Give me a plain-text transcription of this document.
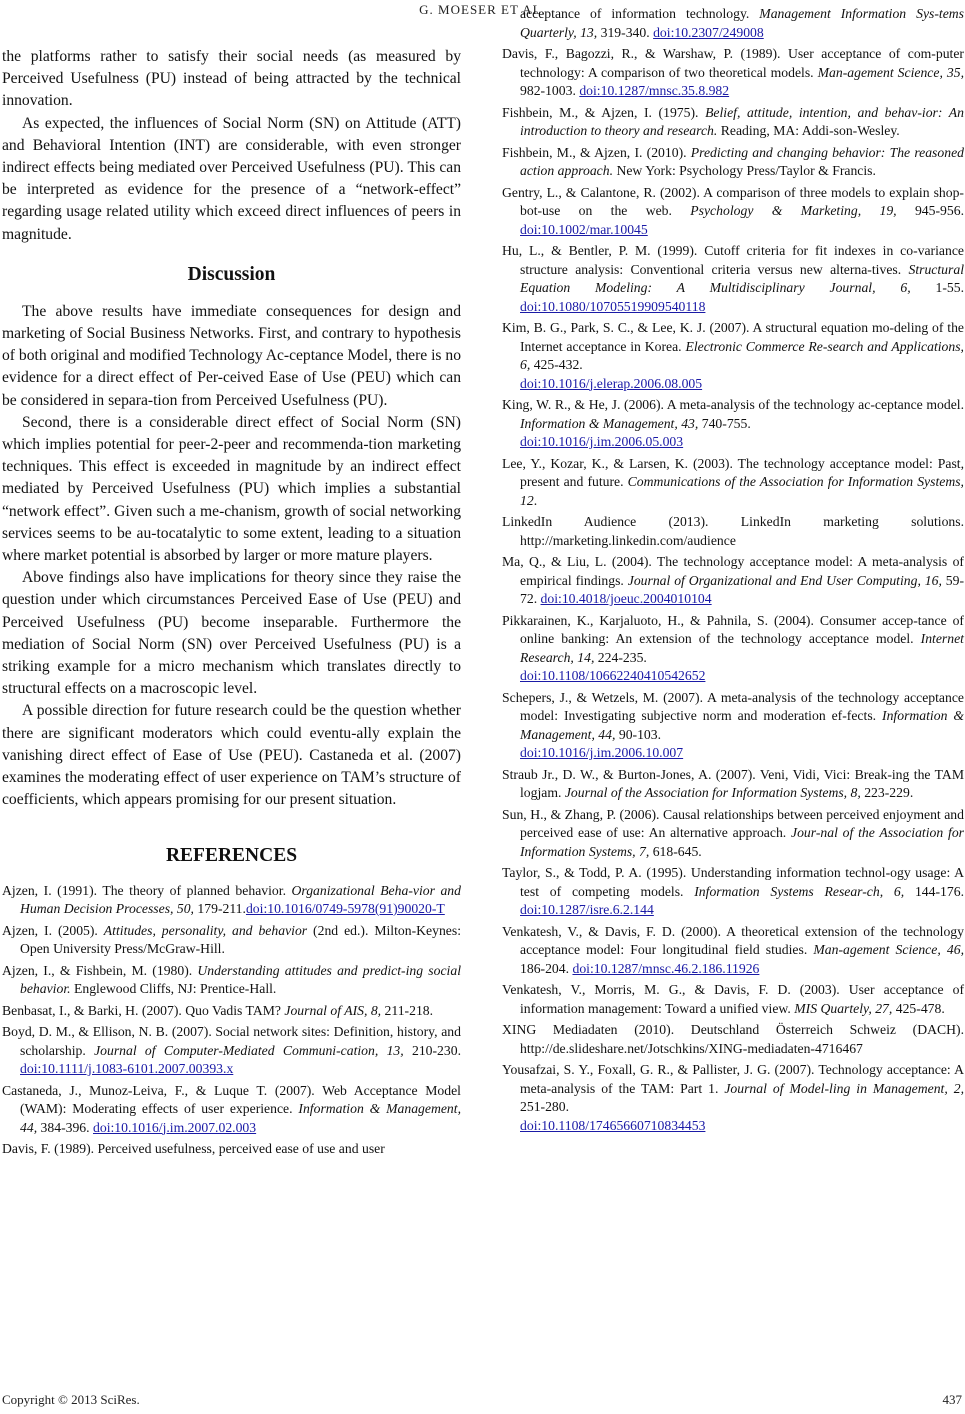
G. MOESER ET AL.

the platforms rather to satisfy their social needs (as measured by Perceived Usefulness (PU) instead of being attracted by the technical innovation.

As expected, the influences of Social Norm (SN) on Attitude (ATT) and Behavioral Intention (INT) are considerable, with even stronger indirect effects being mediated over Perceived Usefulness (PU). This can be interpreted as evidence for the presence of a “network-effect” regarding usage related utility which exceed direct influences of peers in magnitude.

Discussion

The above results have immediate consequences for design and marketing of Social Business Networks. First, and contrary to hypothesis of both original and modified Technology Ac-ceptance Model, there is no evidence for a direct effect of Per-ceived Ease of Use (PEU) which can be considered in separa-tion from Perceived Usefulness (PU).

Second, there is a considerable direct effect of Social Norm (SN) which implies potential for peer-2-peer and recommenda-tion marketing techniques. This effect is exceeded in magnitude by an indirect effect mediated by Perceived Usefulness (PU) which implies a substantial “network effect”. Given such a me-chanism, growth of social networking services seems to be au-tocatalytic to some extent, leading to a situation where market potential is absorbed by larger or more mature players.

Above findings also have implications for theory since they raise the question under which circumstances Perceived Ease of Use (PEU) and Perceived Usefulness (PU) become inseparable. Furthermore the mediation of Social Norm (SN) over Perceived Usefulness (PU) is a striking example for a micro mechanism which translates directly to structural effects on a macroscopic level.

A possible direction for future research could be the question whether there are significant moderators which could eventu-ally explain the vanishing direct effect of Ease of Use (PEU). Castaneda et al. (2007) examines the moderating effect of user experience on TAM’s structure of coefficients, which appears promising for our present situation.

REFERENCES

Ajzen, I. (1991). The theory of planned behavior. Organizational Beha-vior and Human Decision Processes, 50, 179-211.doi:10.1016/0749-5978(91)90020-T

Ajzen, I. (2005). Attitudes, personality, and behavior (2nd ed.). Milton-Keynes: Open University Press/McGraw-Hill.

Ajzen, I., & Fishbein, M. (1980). Understanding attitudes and predict-ing social behavior. Englewood Cliffs, NJ: Prentice-Hall.

Benbasat, I., & Barki, H. (2007). Quo Vadis TAM? Journal of AIS, 8, 211-218.

Boyd, D. M., & Ellison, N. B. (2007). Social network sites: Definition, history, and scholarship. Journal of Computer-Mediated Communi-cation, 13, 210-230. doi:10.1111/j.1083-6101.2007.00393.x

Castaneda, J., Munoz-Leiva, F., & Luque T. (2007). Web Acceptance Model (WAM): Moderating effects of user experience. Information & Management, 44, 384-396. doi:10.1016/j.im.2007.02.003

Davis, F. (1989). Perceived usefulness, perceived ease of use and user

acceptance of information technology. Management Information Sys-tems Quarterly, 13, 319-340. doi:10.2307/249008

Davis, F., Bagozzi, R., & Warshaw, P. (1989). User acceptance of com-puter technology: A comparison of two theoretical models. Man-agement Science, 35, 982-1003. doi:10.1287/mnsc.35.8.982

Fishbein, M., & Ajzen, I. (1975). Belief, attitude, intention, and behav-ior: An introduction to theory and research. Reading, MA: Addi-son-Wesley.

Fishbein, M., & Ajzen, I. (2010). Predicting and changing behavior: The reasoned action approach. New York: Psychology Press/Taylor & Francis.

Gentry, L., & Calantone, R. (2002). A comparison of three models to explain shop-bot-use on the web. Psychology & Marketing, 19, 945-956. doi:10.1002/mar.10045

Hu, L., & Bentler, P. M. (1999). Cutoff criteria for fit indexes in co-variance structure analysis: Conventional criteria versus new alterna-tives. Structural Equation Modeling: A Multidisciplinary Journal, 6, 1-55. doi:10.1080/10705519909540118

Kim, B. G., Park, S. C., & Lee, K. J. (2007). A structural equation mo-deling of the Internet acceptance in Korea. Electronic Commerce Re-search and Applications, 6, 425-432.
doi:10.1016/j.elerap.2006.08.005

King, W. R., & He, J. (2006). A meta-analysis of the technology ac-ceptance model. Information & Management, 43, 740-755.
doi:10.1016/j.im.2006.05.003

Lee, Y., Kozar, K., & Larsen, K. (2003). The technology acceptance model: Past, present and future. Communications of the Association for Information Systems, 12.

LinkedIn Audience (2013). LinkedIn marketing solutions. http://marketing.linkedin.com/audience

Ma, Q., & Liu, L. (2004). The technology acceptance model: A meta-analysis of empirical findings. Journal of Organizational and End User Computing, 16, 59-72. doi:10.4018/joeuc.2004010104

Pikkarainen, K., Karjaluoto, H., & Pahnila, S. (2004). Consumer accep-tance of online banking: An extension of the technology acceptance model. Internet Research, 14, 224-235.
doi:10.1108/10662240410542652

Schepers, J., & Wetzels, M. (2007). A meta-analysis of the technology acceptance model: Investigating subjective norm and moderation ef-fects. Information & Management, 44, 90-103.
doi:10.1016/j.im.2006.10.007

Straub Jr., D. W., & Burton-Jones, A. (2007). Veni, Vidi, Vici: Break-ing the TAM logjam. Journal of the Association for Information Systems, 8, 223-229.

Sun, H., & Zhang, P. (2006). Causal relationships between perceived enjoyment and perceived ease of use: An alternative approach. Jour-nal of the Association for Information Systems, 7, 618-645.

Taylor, S., & Todd, P. A. (1995). Understanding information technol-ogy usage: A test of competing models. Information Systems Resear-ch, 6, 144-176. doi:10.1287/isre.6.2.144

Venkatesh, V., & Davis, F. D. (2000). A theoretical extension of the technology acceptance model: Four longitudinal field studies. Man-agement Science, 46, 186-204. doi:10.1287/mnsc.46.2.186.11926

Venkatesh, V., Morris, M. G., & Davis, F. D. (2003). User acceptance of information management: Toward a unified view. MIS Quartely, 27, 425-478.

XING Mediadaten (2010). Deutschland Österreich Schweiz (DACH). http://de.slideshare.net/Jotschkins/XING-mediadaten-4716467

Yousafzai, S. Y., Foxall, G. R., & Pallister, J. G. (2007). Technology acceptance: A meta-analysis of the TAM: Part 1. Journal of Model-ling in Management, 2, 251-280.
doi:10.1108/17465660710834453

Copyright © 2013 SciRes.	437
